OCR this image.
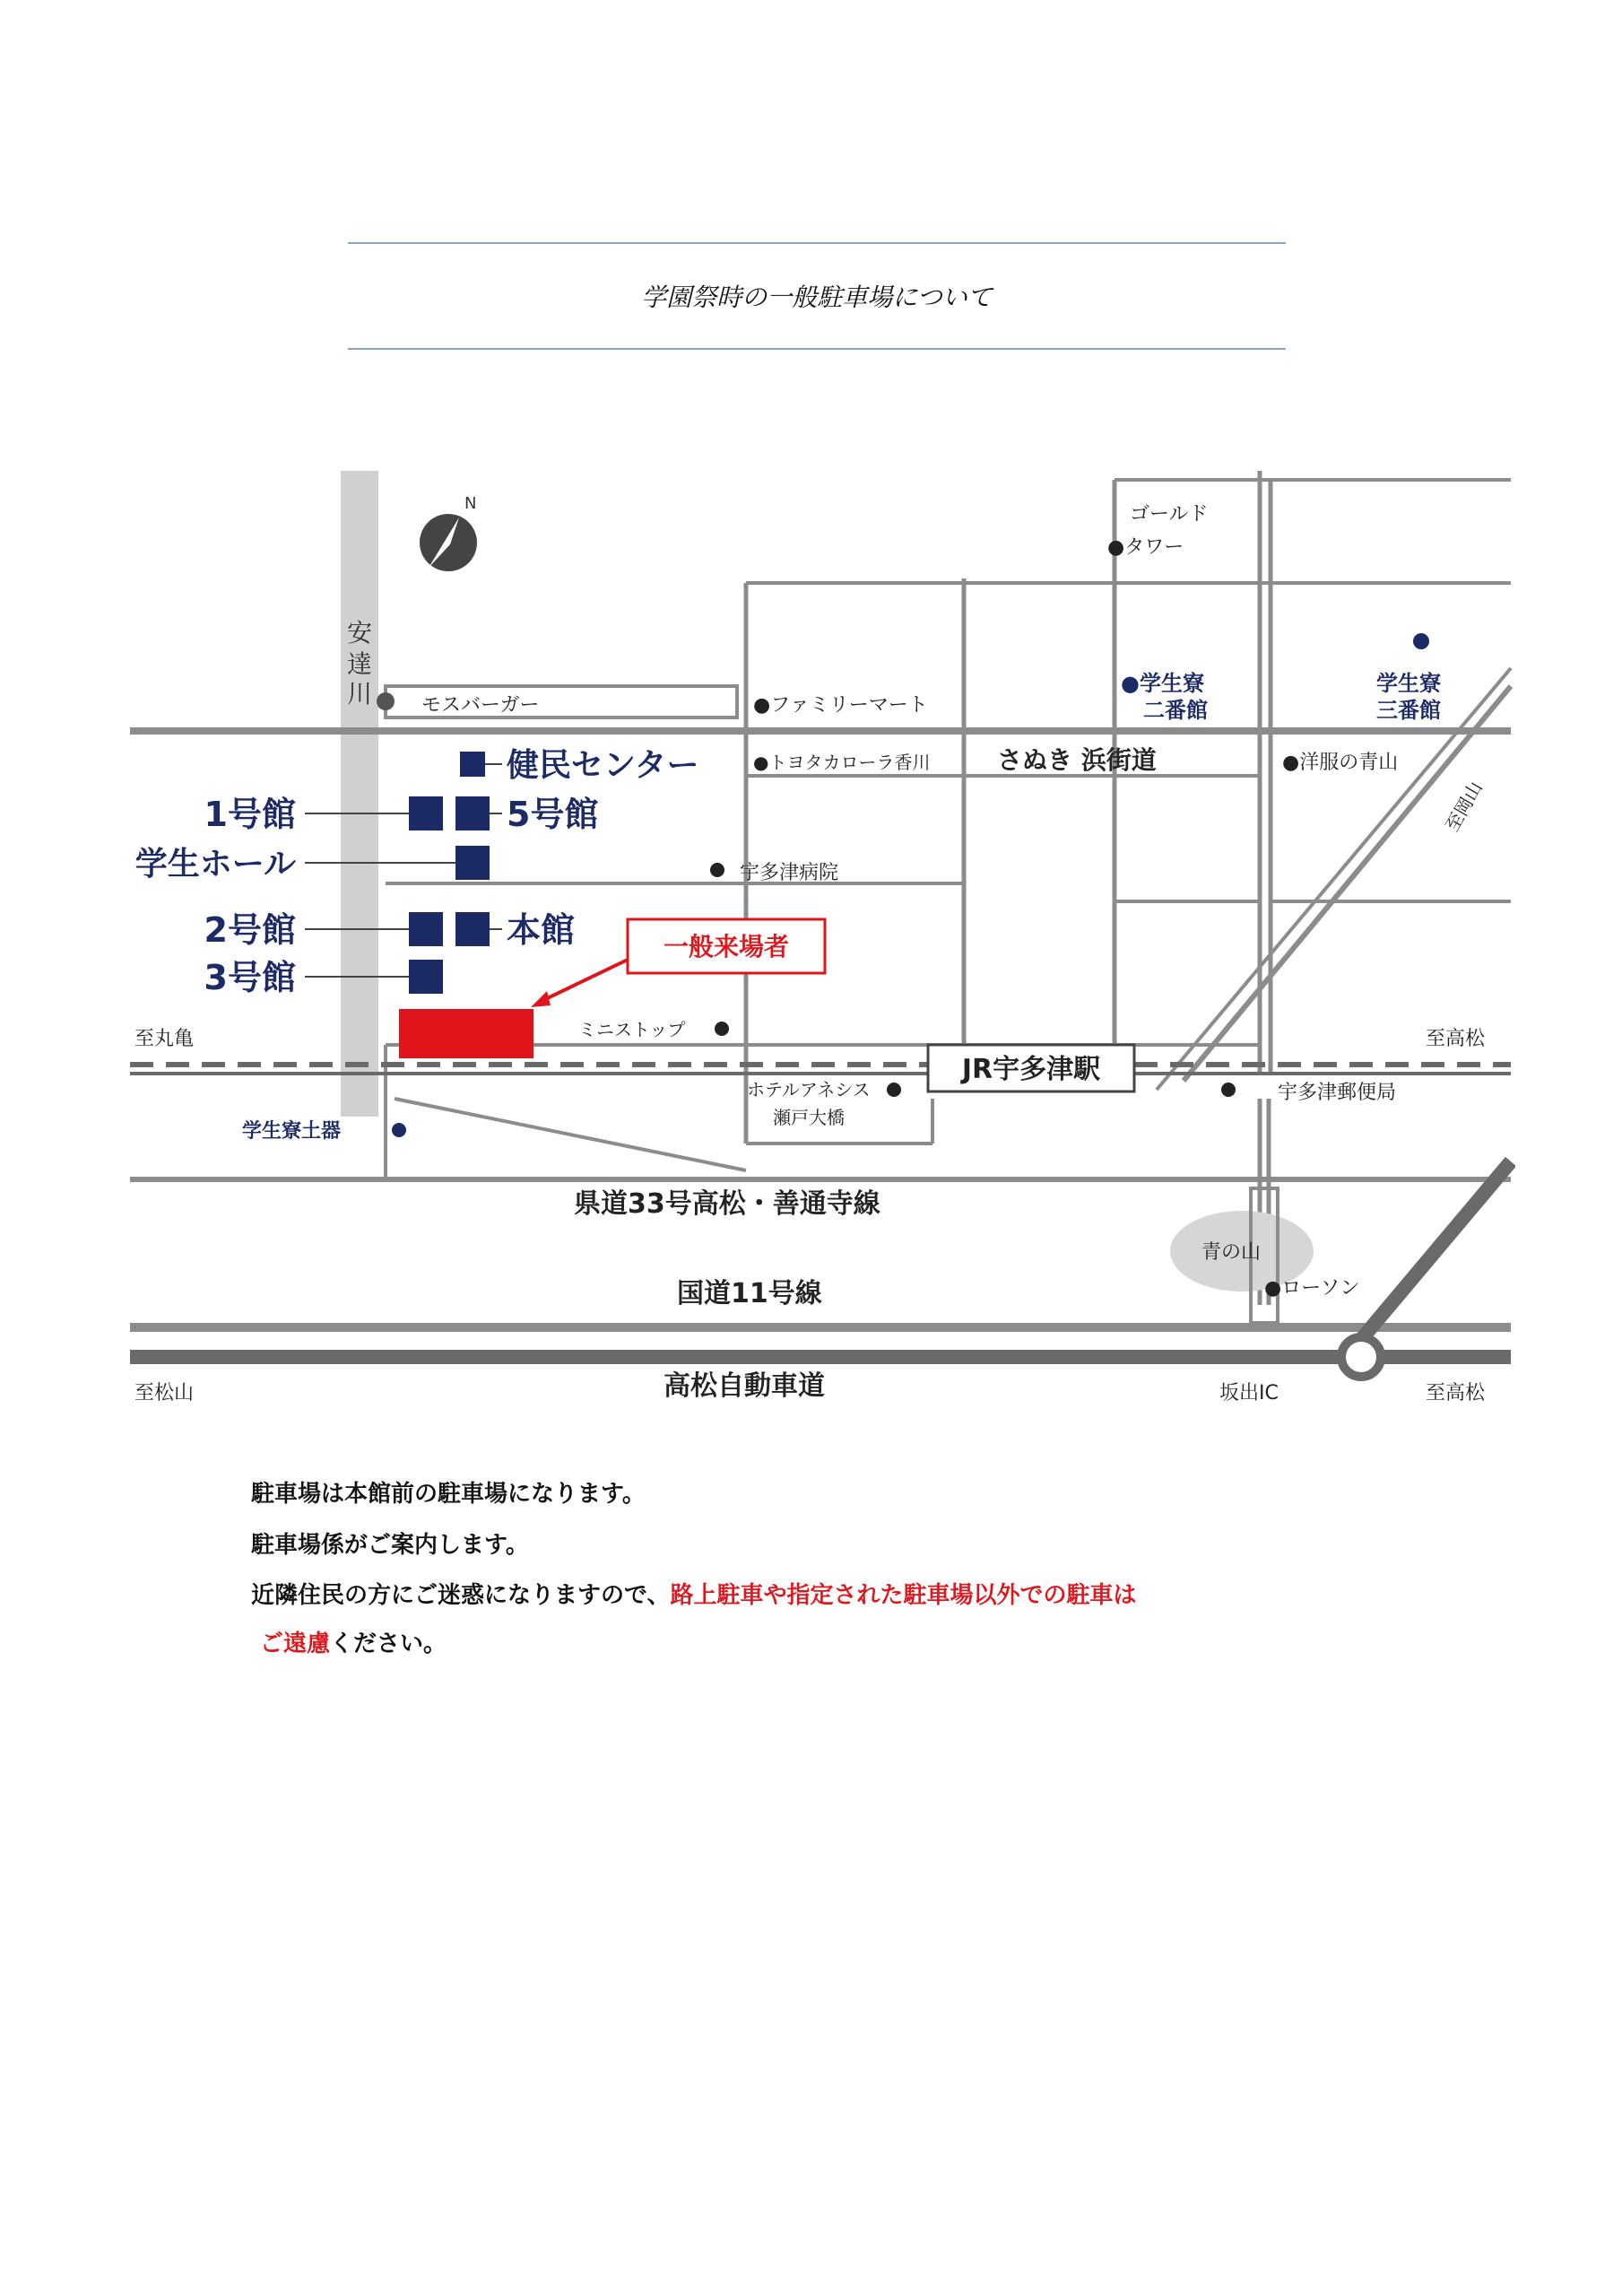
学園祭時の一般駐車場について
N
安
達
川
健民センター
1号館	5号館
学生ホール
2号館	本館
3号館
一般来場者
JR宇多津駅
モスバーガー	●ファミリーマート
●トヨタカローラ香川
ゴールド
●タワー
●洋服の青山
宇多津病院
ミニストップ
ホテルアネシス
瀬戸大橋
宇多津郵便局
青の山
●ローソン
さぬき 浜街道
●学生寮
二番館
学生寮
三番館
学生寮土器
県道33号高松・善通寺線
国道11号線
高松自動車道
至丸亀	至高松
至岡山
至松山	坂出IC	至高松
駐車場は本館前の駐車場になります。
駐車場係がご案内します。
近隣住民の方にご迷惑になりますので、路上駐車や指定された駐車場以外での駐車は
ご遠慮ください。
